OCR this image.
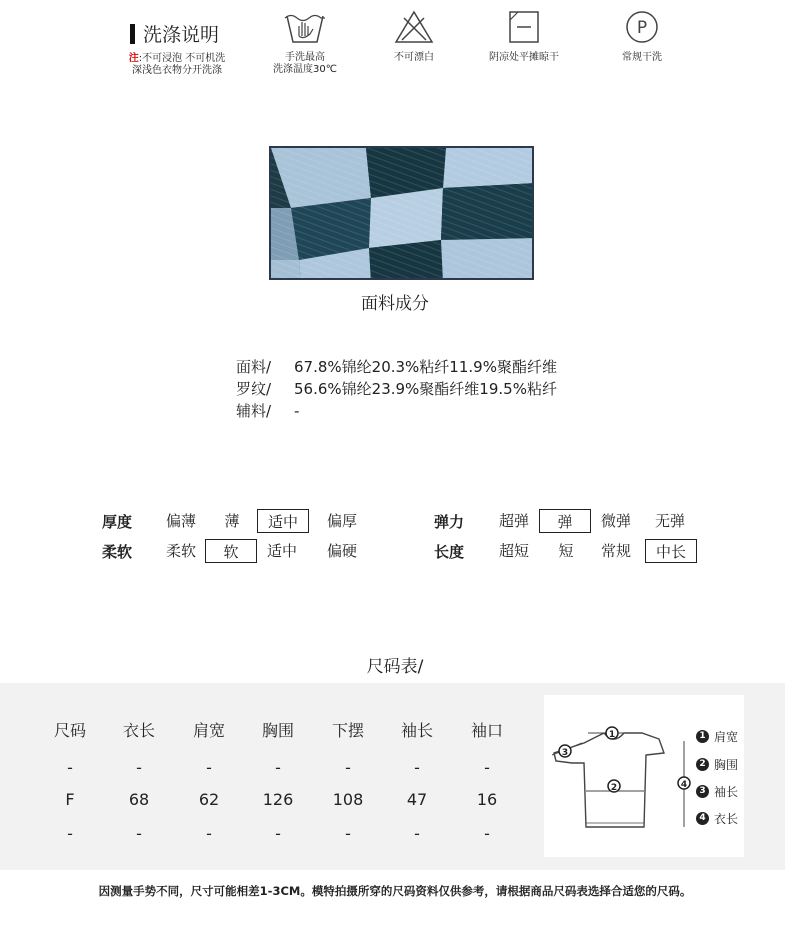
洗涤说明
注:不可浸泡 不可机洗
深浅色衣物分开洗涤
手洗最高
洗涤温度30℃
不可漂白	阴凉处平摊晾干
P
常规干洗
面料成分
面料/ 67.8%锦纶20.3%粘纤11.9%聚酯纤维
罗纹/ 56.6%锦纶23.9%聚酯纤维19.5%粘纤
辅料/ -
厚度	偏薄	薄	适中	偏厚
柔软	柔软	软	适中	偏硬
弹力	超弹	弹	微弹	无弹
长度	超短	短	常规	中长
尺码表/
尺码	衣长	肩宽	胸围	下摆	袖长	袖口
-	-	-	-	-	-	-
F	68	62	126	108	47	16
-	-	-	-	-	-	-
1
2
3
4
1 肩宽
2 胸围
3 袖长
4 衣长
因测量手势不同，尺寸可能相差1-3CM。模特拍摄所穿的尺码资料仅供参考，请根据商品尺码表选择合适您的尺码。
